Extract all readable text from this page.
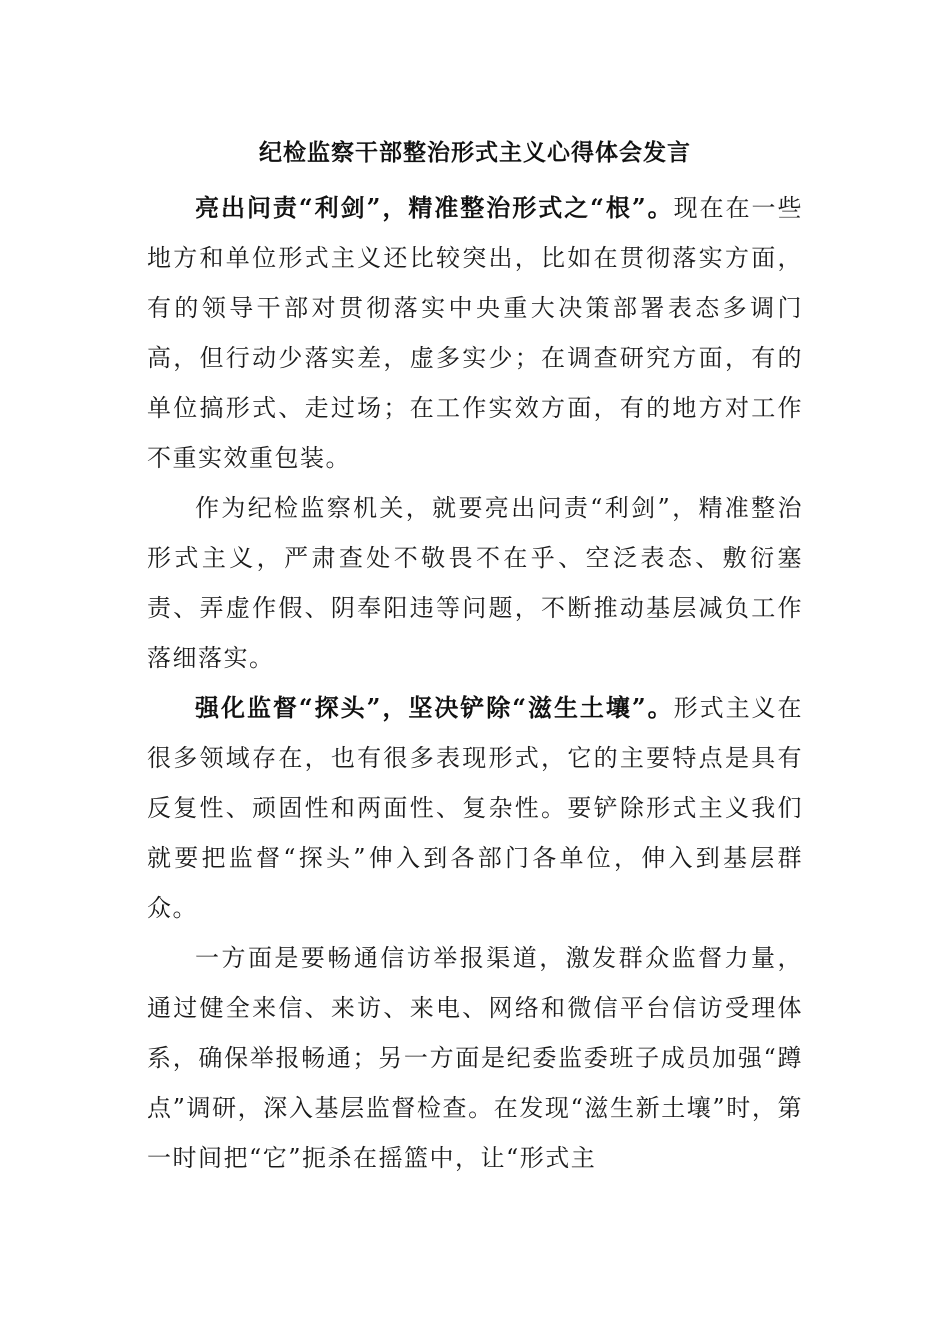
纪检监察干部整治形式主义心得体会发言

亮出问责“利剑”，精准整治形式之“根”。现在在一些地方和单位形式主义还比较突出，比如在贯彻落实方面，有的领导干部对贯彻落实中央重大决策部署表态多调门高，但行动少落实差，虚多实少；在调查研究方面，有的单位搞形式、走过场；在工作实效方面，有的地方对工作不重实效重包装。

作为纪检监察机关，就要亮出问责“利剑”，精准整治形式主义，严肃查处不敬畏不在乎、空泛表态、敷衍塞责、弄虚作假、阴奉阳违等问题，不断推动基层减负工作落细落实。

强化监督“探头”，坚决铲除“滋生土壤”。形式主义在很多领域存在，也有很多表现形式，它的主要特点是具有反复性、顽固性和两面性、复杂性。要铲除形式主义我们就要把监督“探头”伸入到各部门各单位，伸入到基层群众。

一方面是要畅通信访举报渠道，激发群众监督力量，通过健全来信、来访、来电、网络和微信平台信访受理体系，确保举报畅通；另一方面是纪委监委班子成员加强“蹲点”调研，深入基层监督检查。在发现“滋生新土壤”时，第一时间把“它”扼杀在摇篮中，让“形式主
